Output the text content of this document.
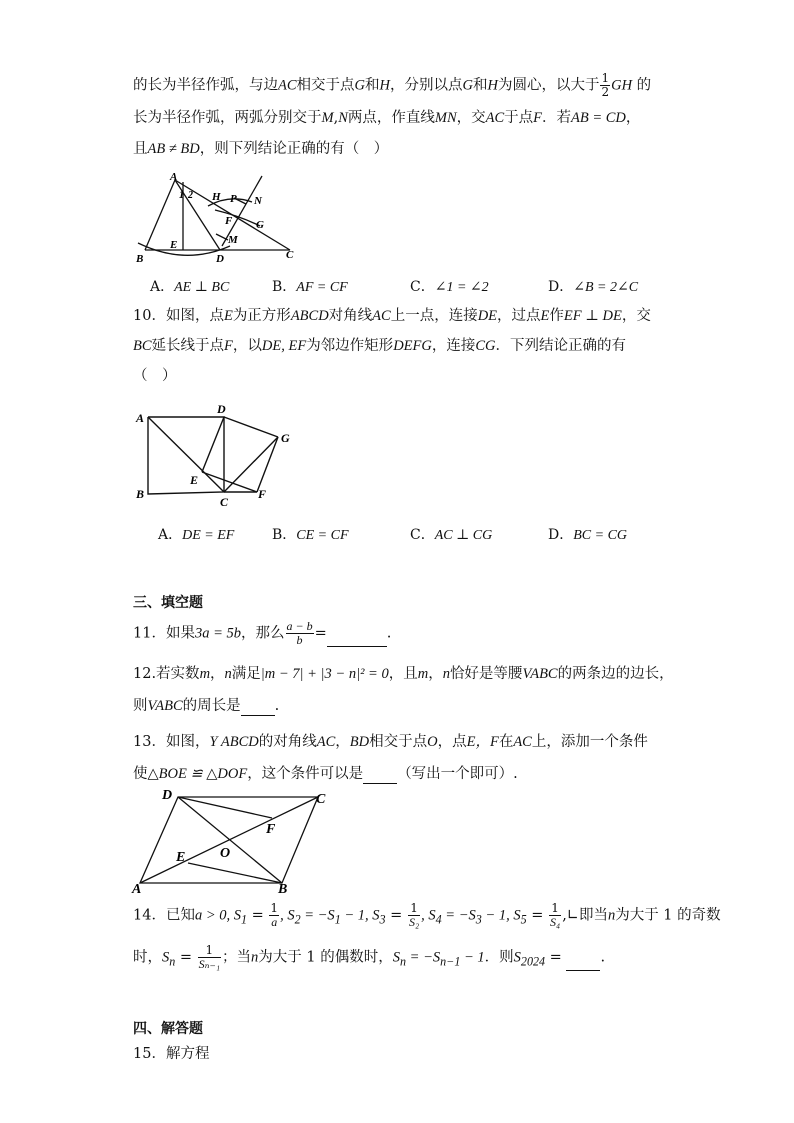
的长为半径作弧，与边AC相交于点G和H，分别以点G和H为圆心，以大于 $\frac{1}{2}$ GH 的
长为半径作弧，两弧分别交于M,N两点，作直线MN，交AC于点F．若AB = CD，
且AB ≠ BD，则下列结论正确的有（　）
A
1 2 H P N
F G
E	M
B	D	C
A．AE ⊥ BC	B．AF = CF	C．∠1 = ∠2	D．∠B = 2∠C
10．如图，点E为正方形ABCD对角线AC上一点，连接DE，过点E作EF ⊥ DE，交
BC延长线于点F，以DE, EF为邻边作矩形DEFG，连接CG．下列结论正确的有
（　）
A
D
G
E
B
C
F
A．DE = EF	B．CE = CF	C．AC ⊥ CG	D．BC = CG
三、填空题
11．如果3a = 5b，那么 $\frac{a - b}{b}$ =	.
12.若实数m，n满足|m − 7| + |3 − n|² = 0，且m，n恰好是等腰VABC的两条边的边长，
则VABC的周长是 .
13．如图，Y ABCD的对角线AC，BD相交于点O，点E，F在AC上，添加一个条件
使△BOE ≌ △DOF，这个条件可以是 （写出一个即可）.
D	C
F
E O
A	B
14．已知a > 0, $S_1 = \frac{1}{a}$ , $S_2 = -S_1 - 1$, $S_3 = \frac{1}{\text{S₂}}$ , $S_4 = -S_3 - 1$, $S_5 = \frac{1}{\text{S₄}}$ ,∟即当n为大于 1 的奇数
时，$S_n = \frac{1}{\text{Sₙ₋₁}}$ ；当n为大于 1 的偶数时，$S_n = -S_{n-1} - 1$．则$S_{2024}$ = .
四、解答题
15．解方程
